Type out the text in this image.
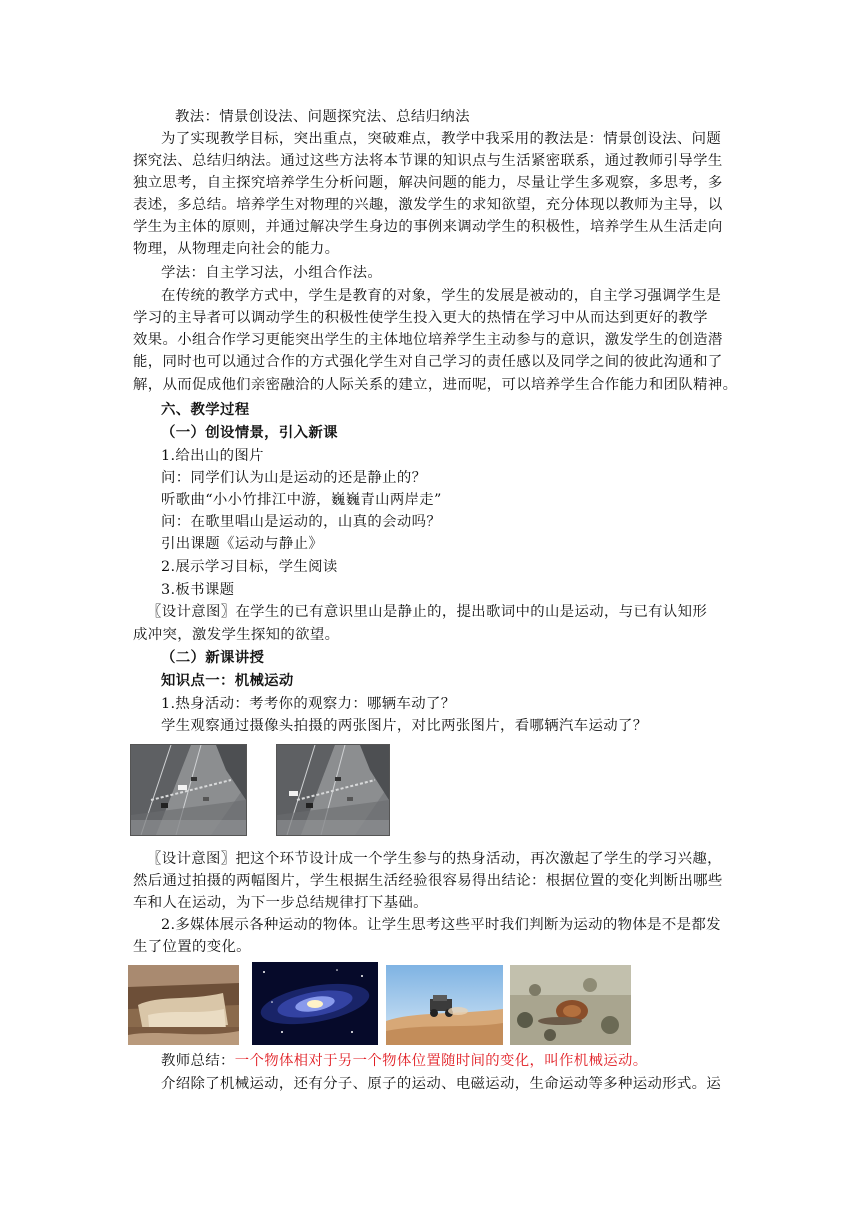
教法：情景创设法、问题探究法、总结归纳法
为了实现教学目标，突出重点，突破难点，教学中我采用的教法是：情景创设法、问题
探究法、总结归纳法。通过这些方法将本节课的知识点与生活紧密联系，通过教师引导学生
独立思考，自主探究培养学生分析问题，解决问题的能力，尽量让学生多观察，多思考，多
表述，多总结。培养学生对物理的兴趣，激发学生的求知欲望，充分体现以教师为主导，以
学生为主体的原则，并通过解决学生身边的事例来调动学生的积极性，培养学生从生活走向
物理，从物理走向社会的能力。
学法：自主学习法，小组合作法。
在传统的教学方式中，学生是教育的对象，学生的发展是被动的，自主学习强调学生是
学习的主导者可以调动学生的积极性使学生投入更大的热情在学习中从而达到更好的教学
效果。小组合作学习更能突出学生的主体地位培养学生主动参与的意识，激发学生的创造潜
能，同时也可以通过合作的方式强化学生对自己学习的责任感以及同学之间的彼此沟通和了
解，从而促成他们亲密融洽的人际关系的建立，进而呢，可以培养学生合作能力和团队精神。
六、教学过程
（一）创设情景，引入新课
1.给出山的图片
问：同学们认为山是运动的还是静止的？
听歌曲“小小竹排江中游，巍巍青山两岸走”
问：在歌里唱山是运动的，山真的会动吗？
引出课题《运动与静止》
2.展示学习目标，学生阅读
3.板书课题
〖设计意图〗在学生的已有意识里山是静止的，提出歌词中的山是运动，与已有认知形
成冲突，激发学生探知的欲望。
（二）新课讲授
知识点一：机械运动
1.热身活动：考考你的观察力：哪辆车动了？
学生观察通过摄像头拍摄的两张图片，对比两张图片，看哪辆汽车运动了？
〖设计意图〗把这个环节设计成一个学生参与的热身活动，再次激起了学生的学习兴趣，
然后通过拍摄的两幅图片，学生根据生活经验很容易得出结论：根据位置的变化判断出哪些
车和人在运动，为下一步总结规律打下基础。
2.多媒体展示各种运动的物体。让学生思考这些平时我们判断为运动的物体是不是都发
生了位置的变化。
教师总结：一个物体相对于另一个物体位置随时间的变化，叫作机械运动。
介绍除了机械运动，还有分子、原子的运动、电磁运动，生命运动等多种运动形式。运
